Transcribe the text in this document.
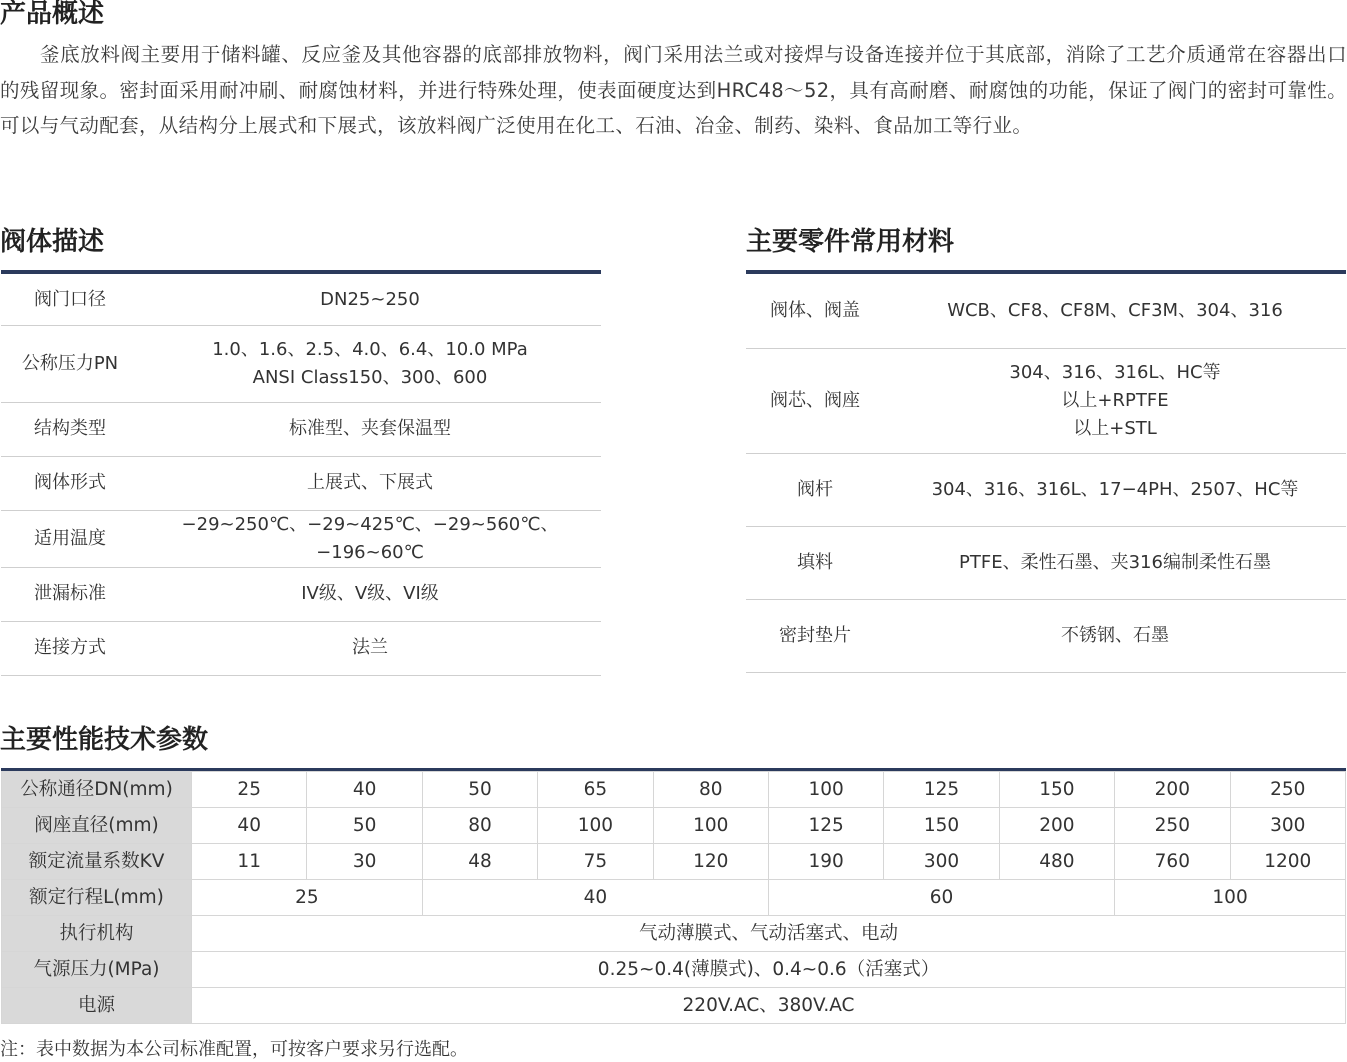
产品概述

釜底放料阀主要用于储料罐、反应釜及其他容器的底部排放物料，阀门采用法兰或对接焊与设备连接并位于其底部，消除了工艺介质通常在容器出口的残留现象。密封面采用耐冲刷、耐腐蚀材料，并进行特殊处理，使表面硬度达到HRC48～52，具有高耐磨、耐腐蚀的功能，保证了阀门的密封可靠性。可以与气动配套，从结构分上展式和下展式，该放料阀广泛使用在化工、石油、冶金、制药、染料、食品加工等行业。

阀体描述
阀门口径	DN25~250

公称压力PN	1.0、1.6、2.5、4.0、6.4、10.0 MPa
ANSI Class150、300、600

结构类型	标准型、夹套保温型

阀体形式	上展式、下展式

适用温度	−29~250℃、−29~425℃、−29~560℃、−196~60℃

泄漏标准	IV级、V级、VI级

连接方式	法兰
主要零件常用材料
阀体、阀盖	WCB、CF8、CF8M、CF3M、304、316

阀芯、阀座	304、316、316L、HC等
以上+RPTFE
以上+STL

阀杆	304、316、316L、17−4PH、2507、HC等

填料	PTFE、柔性石墨、夹316编制柔性石墨

密封垫片	不锈钢、石墨
主要性能技术参数
公称通径DN(mm)	25	40	50	65	80	100	125	150	200	250
阀座直径(mm)	40	50	80	100	100	125	150	200	250	300
额定流量系数KV	11	30	48	75	120	190	300	480	760	1200
额定行程L(mm)	25		40			60			100	
执行机构	气动薄膜式、气动活塞式、电动									
气源压力(MPa)	0.25~0.4(薄膜式)、0.4~0.6（活塞式）									
电源	220V.AC、380V.AC									

注：表中数据为本公司标准配置，可按客户要求另行选配。
